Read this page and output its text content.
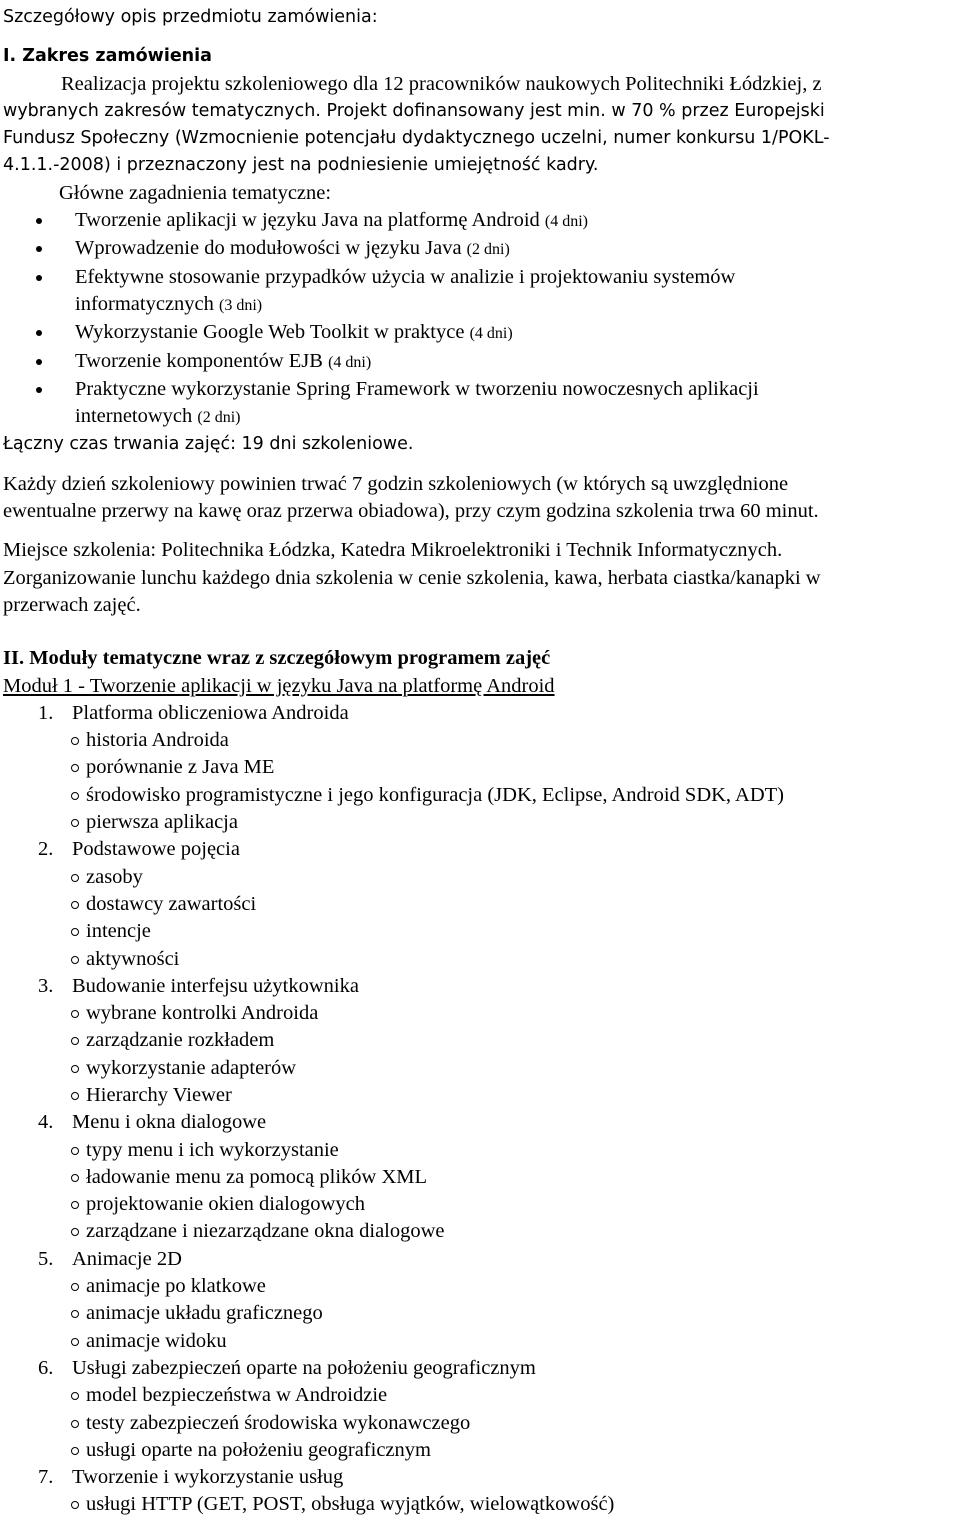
Szczegółowy opis przedmiotu zamówienia:
I. Zakres zamówienia
Realizacja projektu szkoleniowego dla 12 pracowników naukowych Politechniki Łódzkiej, z
wybranych zakresów tematycznych. Projekt dofinansowany jest min. w 70 % przez Europejski
Fundusz Społeczny (Wzmocnienie potencjału dydaktycznego uczelni, numer konkursu 1/POKL-
4.1.1.-2008) i przeznaczony jest na podniesienie umiejętność kadry.
Główne zagadnienia tematyczne:
Tworzenie aplikacji w języku Java na platformę Android (4 dni)
Wprowadzenie do modułowości w języku Java (2 dni)
Efektywne stosowanie przypadków użycia w analizie i projektowaniu systemów
informatycznych (3 dni)
Wykorzystanie Google Web Toolkit w praktyce (4 dni)
Tworzenie komponentów EJB (4 dni)
Praktyczne wykorzystanie Spring Framework w tworzeniu nowoczesnych aplikacji
internetowych (2 dni)
Łączny czas trwania zajęć: 19 dni szkoleniowe.
Każdy dzień szkoleniowy powinien trwać 7 godzin szkoleniowych (w których są uwzględnione
ewentualne przerwy na kawę oraz przerwa obiadowa), przy czym godzina szkolenia trwa 60 minut.
Miejsce szkolenia: Politechnika Łódzka, Katedra Mikroelektroniki i Technik Informatycznych.
Zorganizowanie lunchu każdego dnia szkolenia w cenie szkolenia, kawa, herbata ciastka/kanapki w
przerwach zajęć.
II. Moduły tematyczne wraz z szczegółowym programem zajęć
Moduł 1 - Tworzenie aplikacji w języku Java na platformę Android
1. Platforma obliczeniowa Androida
historia Androida
porównanie z Java ME
środowisko programistyczne i jego konfiguracja (JDK, Eclipse, Android SDK, ADT)
pierwsza aplikacja
2. Podstawowe pojęcia
zasoby
dostawcy zawartości
intencje
aktywności
3. Budowanie interfejsu użytkownika
wybrane kontrolki Androida
zarządzanie rozkładem
wykorzystanie adapterów
Hierarchy Viewer
4. Menu i okna dialogowe
typy menu i ich wykorzystanie
ładowanie menu za pomocą plików XML
projektowanie okien dialogowych
zarządzane i niezarządzane okna dialogowe
5. Animacje 2D
animacje po klatkowe
animacje układu graficznego
animacje widoku
6. Usługi zabezpieczeń oparte na położeniu geograficznym
model bezpieczeństwa w Androidzie
testy zabezpieczeń środowiska wykonawczego
usługi oparte na położeniu geograficznym
7. Tworzenie i wykorzystanie usług
usługi HTTP (GET, POST, obsługa wyjątków, wielowątkowość)
